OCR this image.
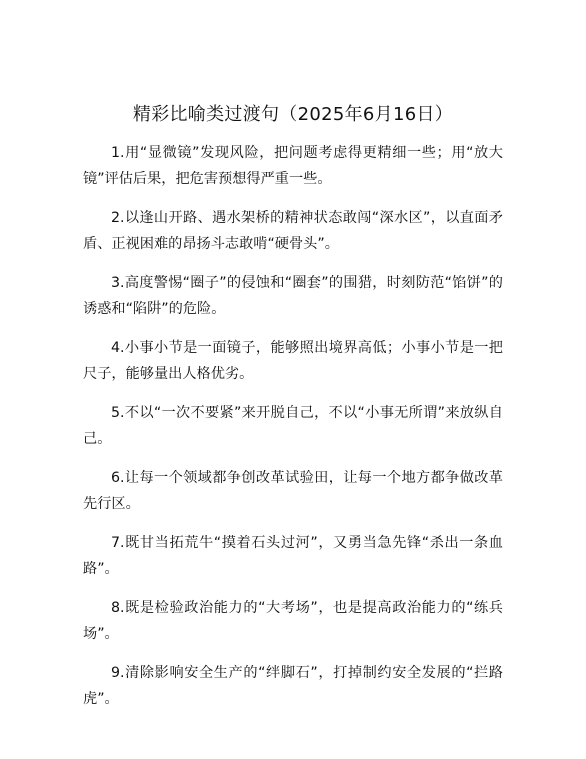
精彩比喻类过渡句（2025年6月16日）

1.用“显微镜”发现风险，把问题考虑得更精细一些；用“放大镜”评估后果，把危害预想得严重一些。

2.以逢山开路、遇水架桥的精神状态敢闯“深水区”，以直面矛盾、正视困难的昂扬斗志敢啃“硬骨头”。

3.高度警惕“圈子”的侵蚀和“圈套”的围猎，时刻防范“馅饼”的诱惑和“陷阱”的危险。

4.小事小节是一面镜子，能够照出境界高低；小事小节是一把尺子，能够量出人格优劣。

5.不以“一次不要紧”来开脱自己，不以“小事无所谓”来放纵自己。

6.让每一个领域都争创改革试验田，让每一个地方都争做改革先行区。

7.既甘当拓荒牛“摸着石头过河”，又勇当急先锋“杀出一条血路”。

8.既是检验政治能力的“大考场”，也是提高政治能力的“练兵场”。

9.清除影响安全生产的“绊脚石”，打掉制约安全发展的“拦路虎”。
